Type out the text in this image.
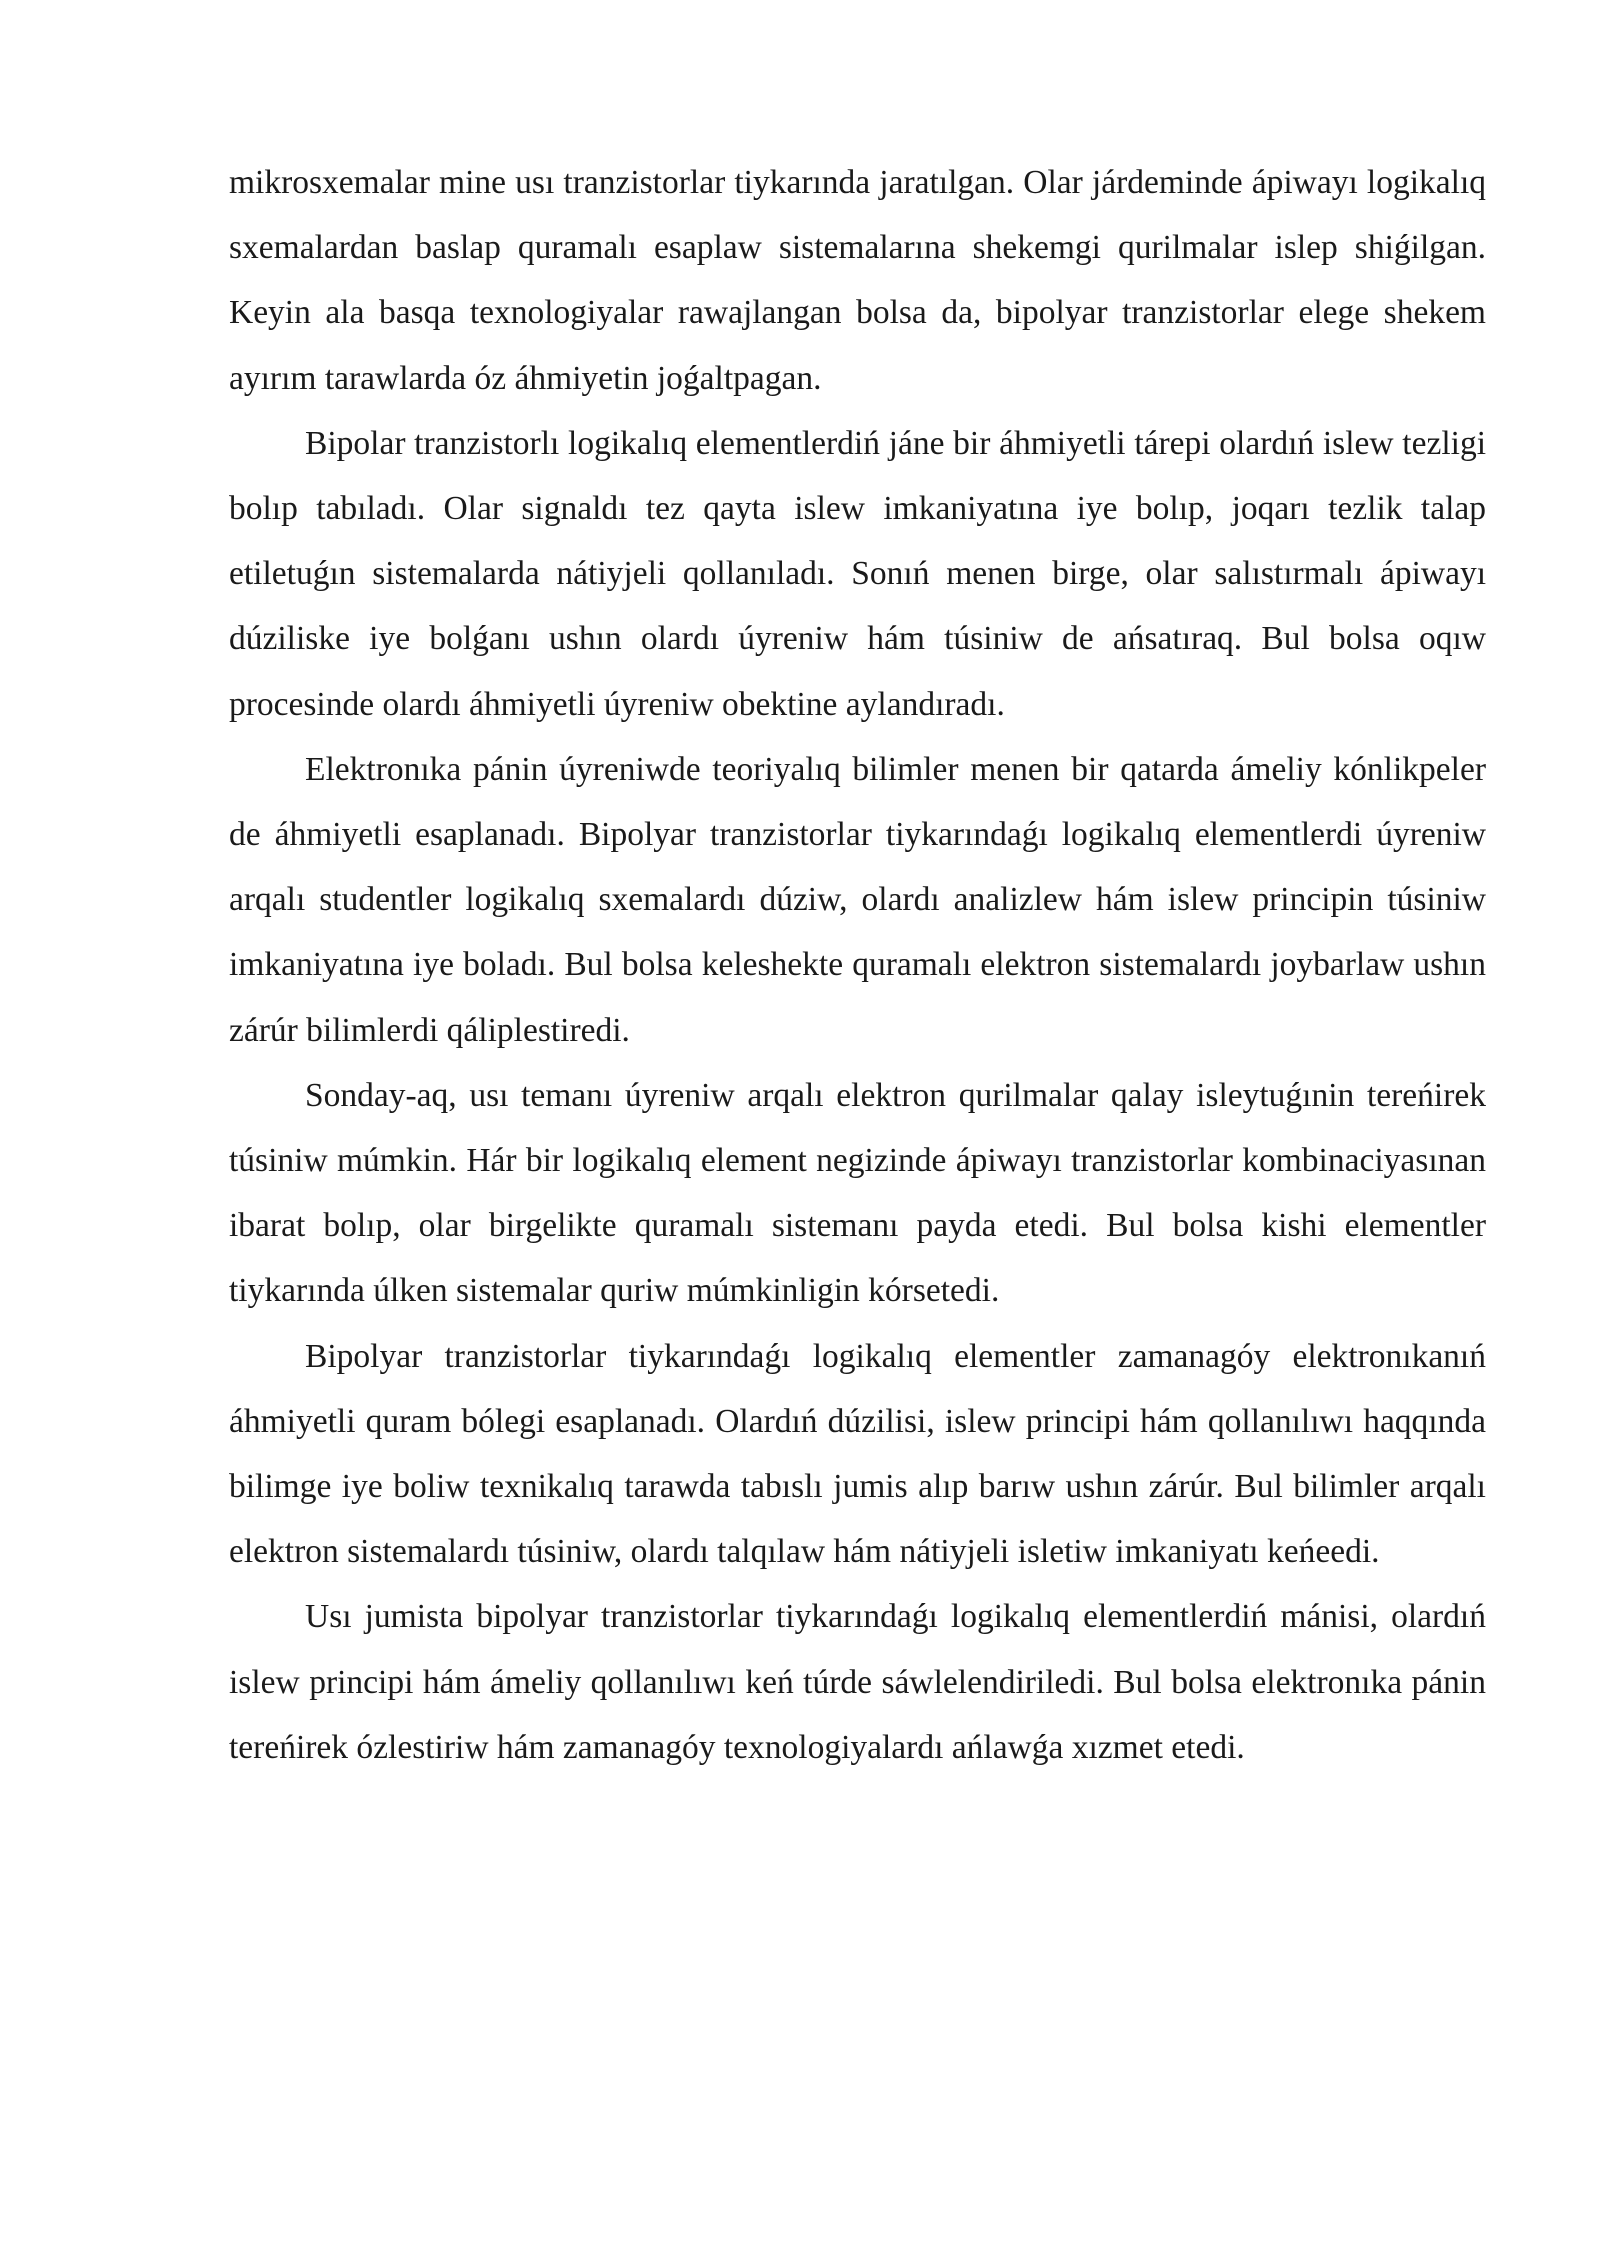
mikrosxemalar mine usı tranzistorlar tiykarında jaratılgan. Olar járdeminde ápiwayı logikalıq sxemalardan baslap quramalı esaplaw sistemalarına shekemgi qurilmalar islep shiǵilgan. Keyin ala basqa texnologiyalar rawajlangan bolsa da, bipolyar tranzistorlar elege shekem ayırım tarawlarda óz áhmiyetin joǵaltpagan.

Bipolar tranzistorlı logikalıq elementlerdiń jáne bir áhmiyetli tárepi olardıń islew tezligi bolıp tabıladı. Olar signaldı tez qayta islew imkaniyatına iye bolıp, joqarı tezlik talap etiletuǵın sistemalarda nátiyjeli qollanıladı. Sonıń menen birge, olar salıstırmalı ápiwayı dúziliske iye bolǵanı ushın olardı úyreniw hám túsiniw de ańsatıraq. Bul bolsa oqıw procesinde olardı áhmiyetli úyreniw obektine aylandıradı.

Elektronıka pánin úyreniwde teoriyalıq bilimler menen bir qatarda ámeliy kónlikpeler de áhmiyetli esaplanadı. Bipolyar tranzistorlar tiykarındaǵı logikalıq elementlerdi úyreniw arqalı studentler logikalıq sxemalardı dúziw, olardı analizlew hám islew principin túsiniw imkaniyatına iye boladı. Bul bolsa keleshekte quramalı elektron sistemalardı joybarlaw ushın zárúr bilimlerdi qáliplestiredi.

Sonday-aq, usı temanı úyreniw arqalı elektron qurilmalar qalay isleytuǵınin tereńirek túsiniw múmkin. Hár bir logikalıq element negizinde ápiwayı tranzistorlar kombinaciyasınan ibarat bolıp, olar birgelikte quramalı sistemanı payda etedi. Bul bolsa kishi elementler tiykarında úlken sistemalar quriw múmkinligin kórsetedi.

Bipolyar tranzistorlar tiykarındaǵı logikalıq elementler zamanagóy elektronıkanıń áhmiyetli quram bólegi esaplanadı. Olardıń dúzilisi, islew principi hám qollanılıwı haqqında bilimge iye boliw texnikalıq tarawda tabıslı jumis alıp barıw ushın zárúr. Bul bilimler arqalı elektron sistemalardı túsiniw, olardı talqılaw hám nátiyjeli isletiw imkaniyatı keńeedi.

Usı jumista bipolyar tranzistorlar tiykarındaǵı logikalıq elementlerdiń mánisi, olardıń islew principi hám ámeliy qollanılıwı keń túrde sáwlelendiriledi. Bul bolsa elektronıka pánin tereńirek ózlestiriw hám zamanagóy texnologiyalardı ańlawǵa xızmet etedi.
